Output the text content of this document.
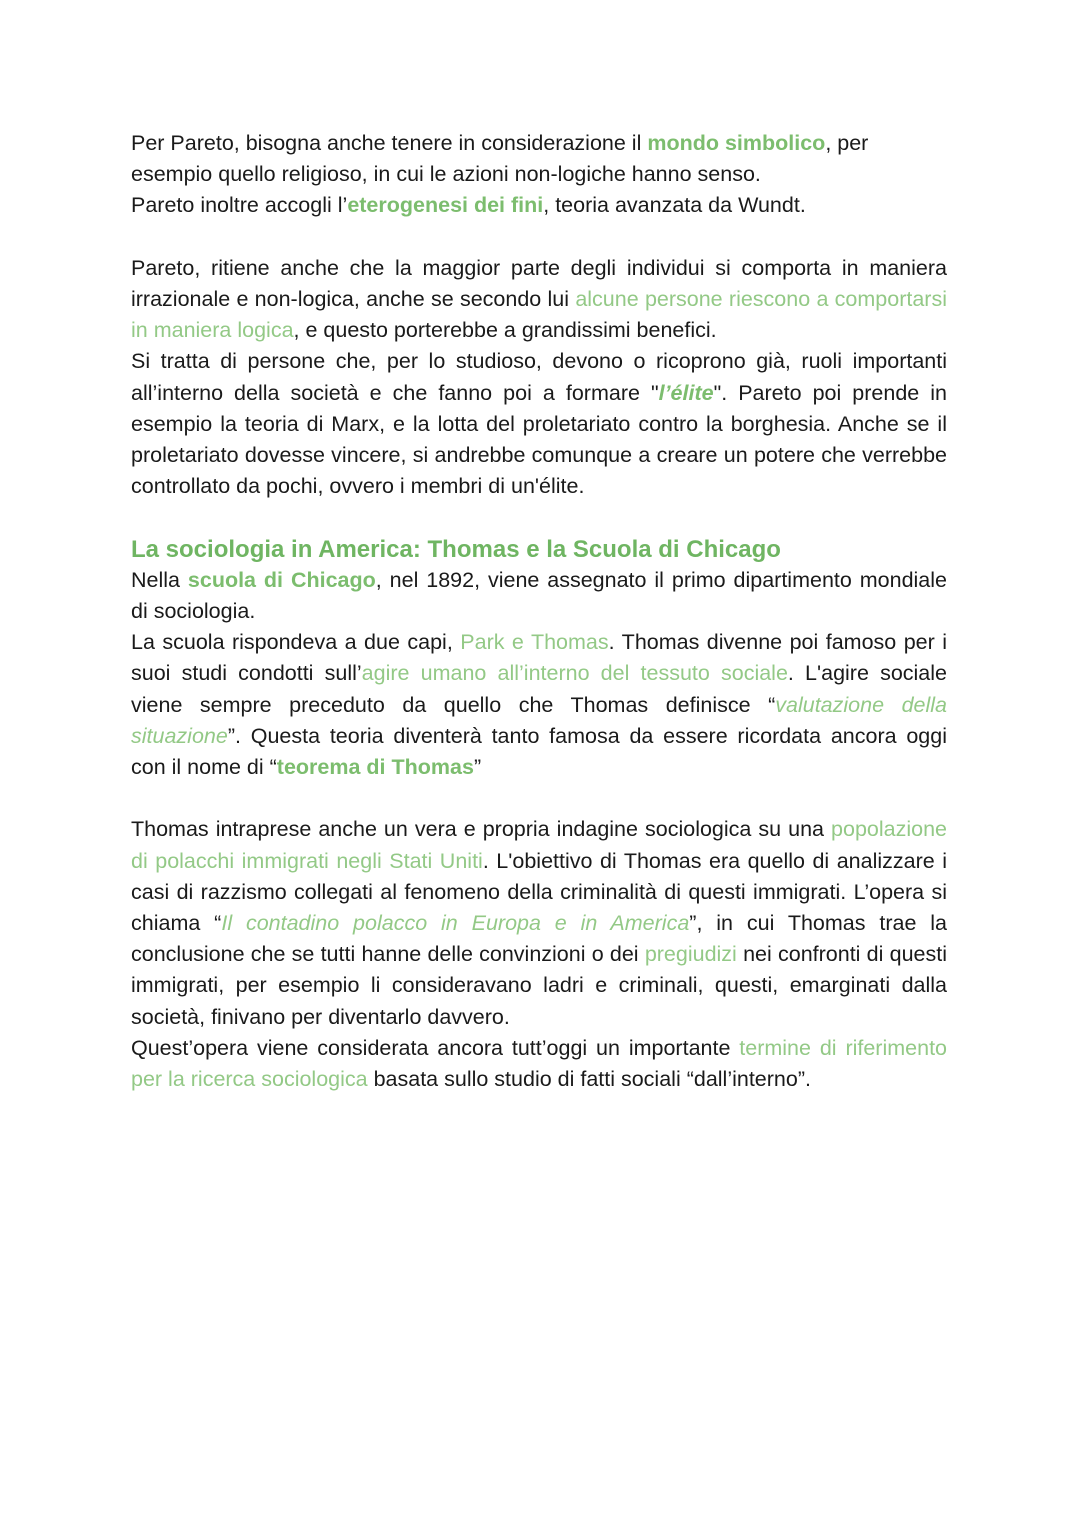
Per Pareto, bisogna anche tenere in considerazione il mondo simbolico, per esempio quello religioso, in cui le azioni non-logiche hanno senso.
Pareto inoltre accogli l’eterogenesi dei fini, teoria avanzata da Wundt.

Pareto, ritiene anche che la maggior parte degli individui si comporta in maniera irrazionale e non-logica, anche se secondo lui alcune persone riescono a comportarsi in maniera logica, e questo porterebbe a grandissimi benefici.

Si tratta di persone che, per lo studioso, devono o ricoprono già, ruoli importanti all’interno della società e che fanno poi a formare "l’élite". Pareto poi prende in esempio la teoria di Marx, e la lotta del proletariato contro la borghesia. Anche se il proletariato dovesse vincere, si andrebbe comunque a creare un potere che verrebbe controllato da pochi, ovvero i membri di un'élite.

La sociologia in America: Thomas e la Scuola di Chicago

Nella scuola di Chicago, nel 1892, viene assegnato il primo dipartimento mondiale di sociologia.

La scuola rispondeva a due capi, Park e Thomas. Thomas divenne poi famoso per i suoi studi condotti sull’agire umano all’interno del tessuto sociale. L'agire sociale viene sempre preceduto da quello che Thomas definisce “valutazione della situazione”. Questa teoria diventerà tanto famosa da essere ricordata ancora oggi con il nome di “teorema di Thomas”

Thomas intraprese anche un vera e propria indagine sociologica su una popolazione di polacchi immigrati negli Stati Uniti. L'obiettivo di Thomas era quello di analizzare i casi di razzismo collegati al fenomeno della criminalità di questi immigrati. L’opera si chiama “Il contadino polacco in Europa e in America”, in cui Thomas trae la conclusione che se tutti hanne delle convinzioni o dei pregiudizi nei confronti di questi immigrati, per esempio li consideravano ladri e criminali, questi, emarginati dalla società, finivano per diventarlo davvero.

Quest’opera viene considerata ancora tutt’oggi un importante termine di riferimento per la ricerca sociologica basata sullo studio di fatti sociali “dall’interno”.
